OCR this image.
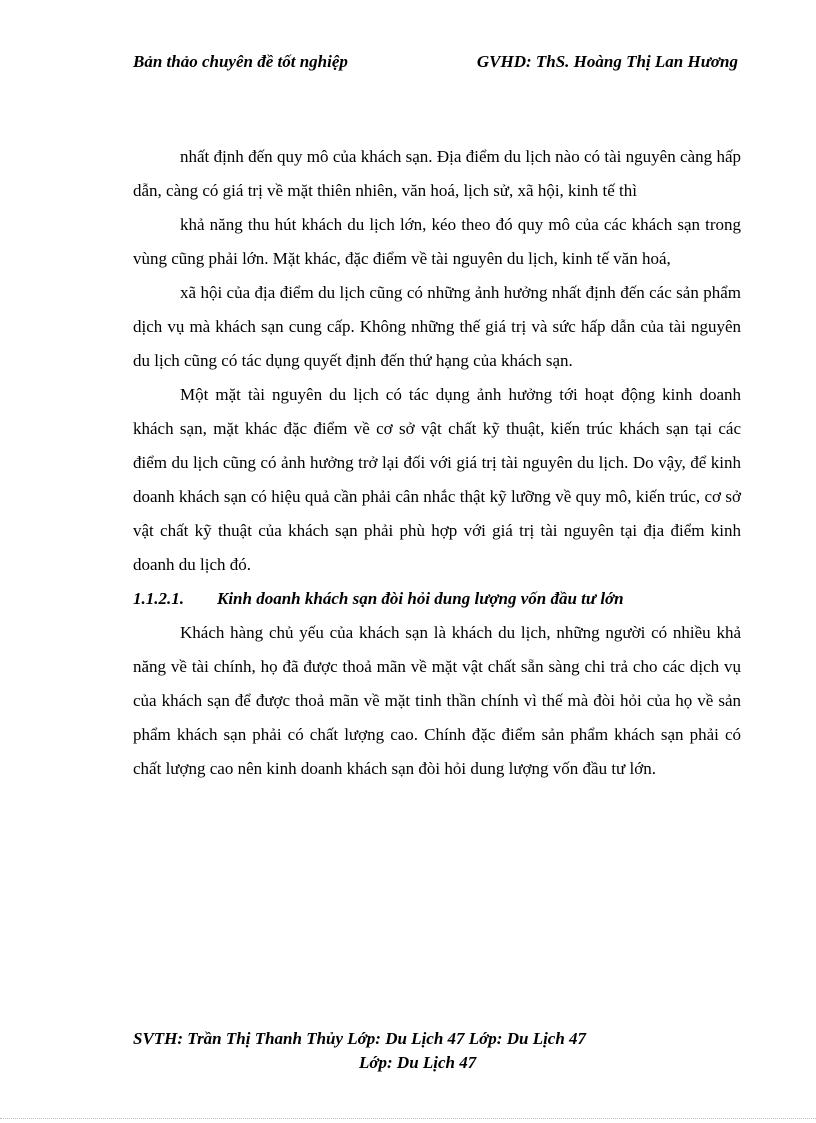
Bản thảo chuyên đề tốt nghiệp	GVHD: ThS. Hoàng Thị Lan Hương

nhất định đến quy mô của khách sạn. Địa điểm du lịch nào có tài nguyên càng hấp dẫn, càng có giá trị về mặt thiên nhiên, văn hoá, lịch sử, xã hội, kinh tế thì

khả năng thu hút khách du lịch lớn, kéo theo đó quy mô của các khách sạn trong vùng cũng phải lớn. Mặt khác, đặc điểm về tài nguyên du lịch, kinh tế văn hoá,

xã hội của địa điểm du lịch cũng có những ảnh hưởng nhất định đến các sản phẩm dịch vụ mà khách sạn cung cấp. Không những thế giá trị và sức hấp dẫn của tài nguyên du lịch cũng có tác dụng quyết định đến thứ hạng của khách sạn.

Một mặt tài nguyên du lịch có tác dụng ảnh hưởng tới hoạt động kinh doanh khách sạn, mặt khác đặc điểm về cơ sở vật chất kỹ thuật, kiến trúc khách sạn tại các điểm du lịch cũng có ảnh hưởng trở lại đối với giá trị tài nguyên du lịch. Do vậy, để kinh doanh khách sạn có hiệu quả cần phải cân nhắc thật kỹ lưỡng về quy mô, kiến trúc, cơ sở vật chất kỹ thuật của khách sạn phải phù hợp với giá trị tài nguyên tại địa điểm kinh doanh du lịch đó.

1.1.2.1. Kinh doanh khách sạn đòi hỏi dung lượng vốn đầu tư lớn

Khách hàng chủ yếu của khách sạn là khách du lịch, những người có nhiều khả năng về tài chính, họ đã được thoả mãn về mặt vật chất sẵn sàng chi trả cho các dịch vụ của khách sạn để được thoả mãn về mặt tinh thần chính vì thế mà đòi hỏi của họ về sản phẩm khách sạn phải có chất lượng cao. Chính đặc điểm sản phẩm khách sạn phải có chất lượng cao nên kinh doanh khách sạn đòi hỏi dung lượng vốn đầu tư lớn.

SVTH: Trần Thị Thanh Thủy Lớp: Du Lịch 47 Lớp: Du Lịch 47
Lớp: Du Lịch 47
